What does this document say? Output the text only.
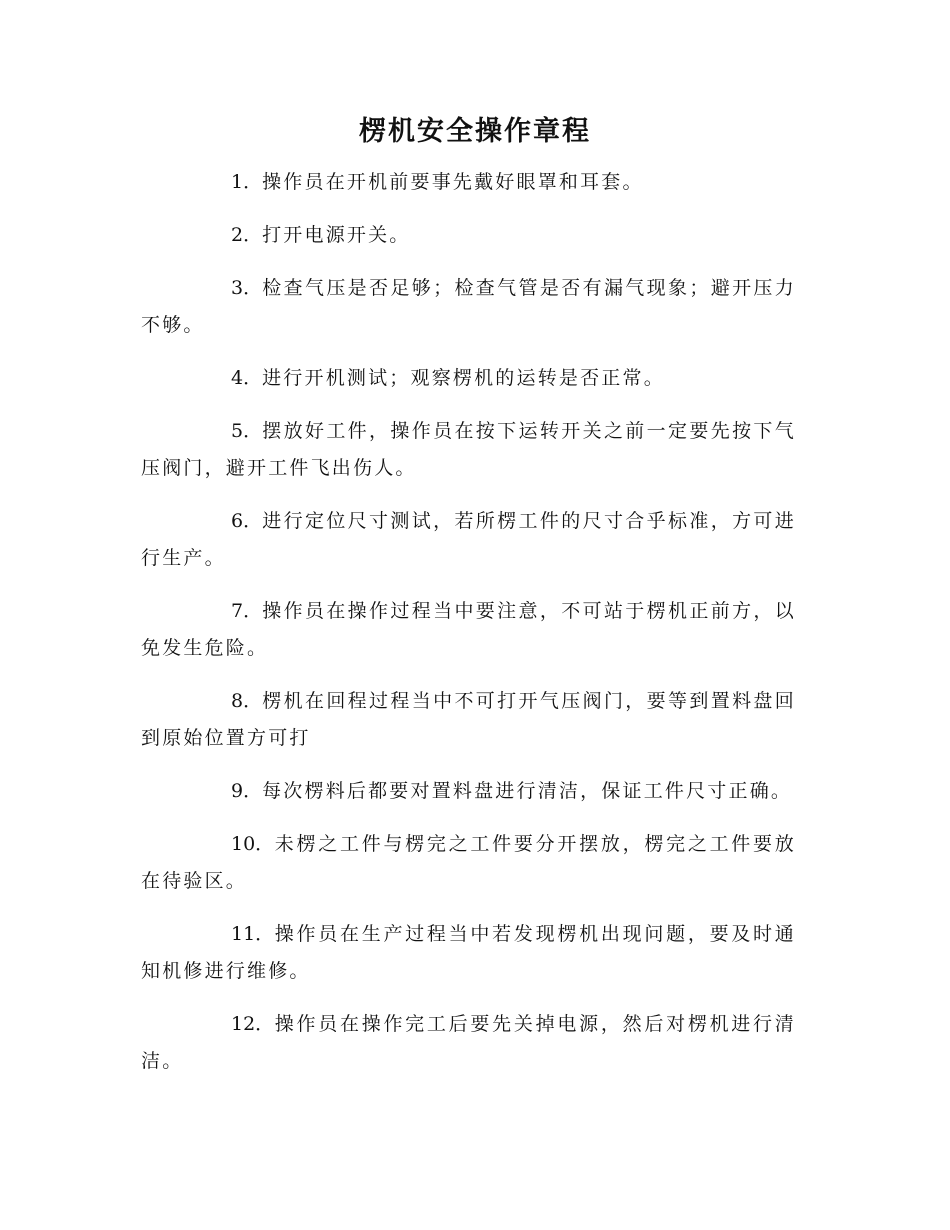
楞机安全操作章程

1．操作员在开机前要事先戴好眼罩和耳套。

2．打开电源开关。

3．检查气压是否足够；检查气管是否有漏气现象；避开压力不够。

4．进行开机测试；观察楞机的运转是否正常。

5．摆放好工件，操作员在按下运转开关之前一定要先按下气压阀门，避开工件飞出伤人。

6．进行定位尺寸测试，若所楞工件的尺寸合乎标准，方可进行生产。

7．操作员在操作过程当中要注意，不可站于楞机正前方，以免发生危险。

8．楞机在回程过程当中不可打开气压阀门，要等到置料盘回到原始位置方可打

9．每次楞料后都要对置料盘进行清洁，保证工件尺寸正确。

10．未楞之工件与楞完之工件要分开摆放，楞完之工件要放在待验区。

11．操作员在生产过程当中若发现楞机出现问题，要及时通知机修进行维修。

12．操作员在操作完工后要先关掉电源，然后对楞机进行清洁。
